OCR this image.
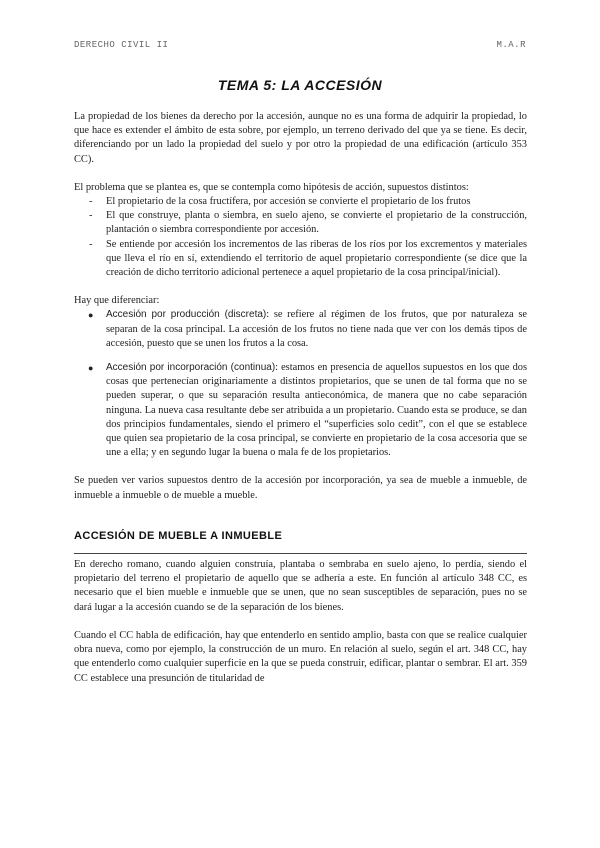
DERECHO CIVIL II	M.A.R
TEMA 5: LA ACCESIÓN

La propiedad de los bienes da derecho por la accesión, aunque no es una forma de adquirir la propiedad, lo que hace es extender el ámbito de esta sobre, por ejemplo, un terreno derivado del que ya se tiene. Es decir, diferenciando por un lado la propiedad del suelo y por otro la propiedad de una edificación (artículo 353 CC).

El problema que se plantea es, que se contempla como hipótesis de acción, supuestos distintos:

- El propietario de la cosa fructífera, por accesión se convierte el propietario de los frutos
- El que construye, planta o siembra, en suelo ajeno, se convierte el propietario de la construcción, plantación o siembra correspondiente por accesión.
- Se entiende por accesión los incrementos de las riberas de los ríos por los excrementos y materiales que lleva el río en sí, extendiendo el territorio de aquel propietario correspondiente (se dice que la creación de dicho territorio adicional pertenece a aquel propietario de la cosa principal/inicial).

Hay que diferenciar:

● Accesión por producción (discreta): se refiere al régimen de los frutos, que por naturaleza se separan de la cosa principal. La accesión de los frutos no tiene nada que ver con los demás tipos de accesión, puesto que se unen los frutos a la cosa.
● Accesión por incorporación (continua): estamos en presencia de aquellos supuestos en los que dos cosas que pertenecían originariamente a distintos propietarios, que se unen de tal forma que no se pueden superar, o que su separación resulta antieconómica, de manera que no cabe separación ninguna. La nueva casa resultante debe ser atribuida a un propietario. Cuando esta se produce, se dan dos principios fundamentales, siendo el primero el “superficies solo cedit”, con el que se establece que quien sea propietario de la cosa principal, se convierte en propietario de la cosa accesoria que se une a ella; y en segundo lugar la buena o mala fe de los propietarios.

Se pueden ver varios supuestos dentro de la accesión por incorporación, ya sea de mueble a inmueble, de inmueble a inmueble o de mueble a mueble.

ACCESIÓN DE MUEBLE A INMUEBLE

En derecho romano, cuando alguien construía, plantaba o sembraba en suelo ajeno, lo perdía, siendo el propietario del terreno el propietario de aquello que se adhería a este. En función al artículo 348 CC, es necesario que el bien mueble e inmueble que se unen, que no sean susceptibles de separación, pues no se dará lugar a la accesión cuando se de la separación de los bienes.

Cuando el CC habla de edificación, hay que entenderlo en sentido amplio, basta con que se realice cualquier obra nueva, como por ejemplo, la construcción de un muro. En relación al suelo, según el art. 348 CC, hay que entenderlo como cualquier superficie en la que se pueda construir, edificar, plantar o sembrar. El art. 359 CC establece una presunción de titularidad de
